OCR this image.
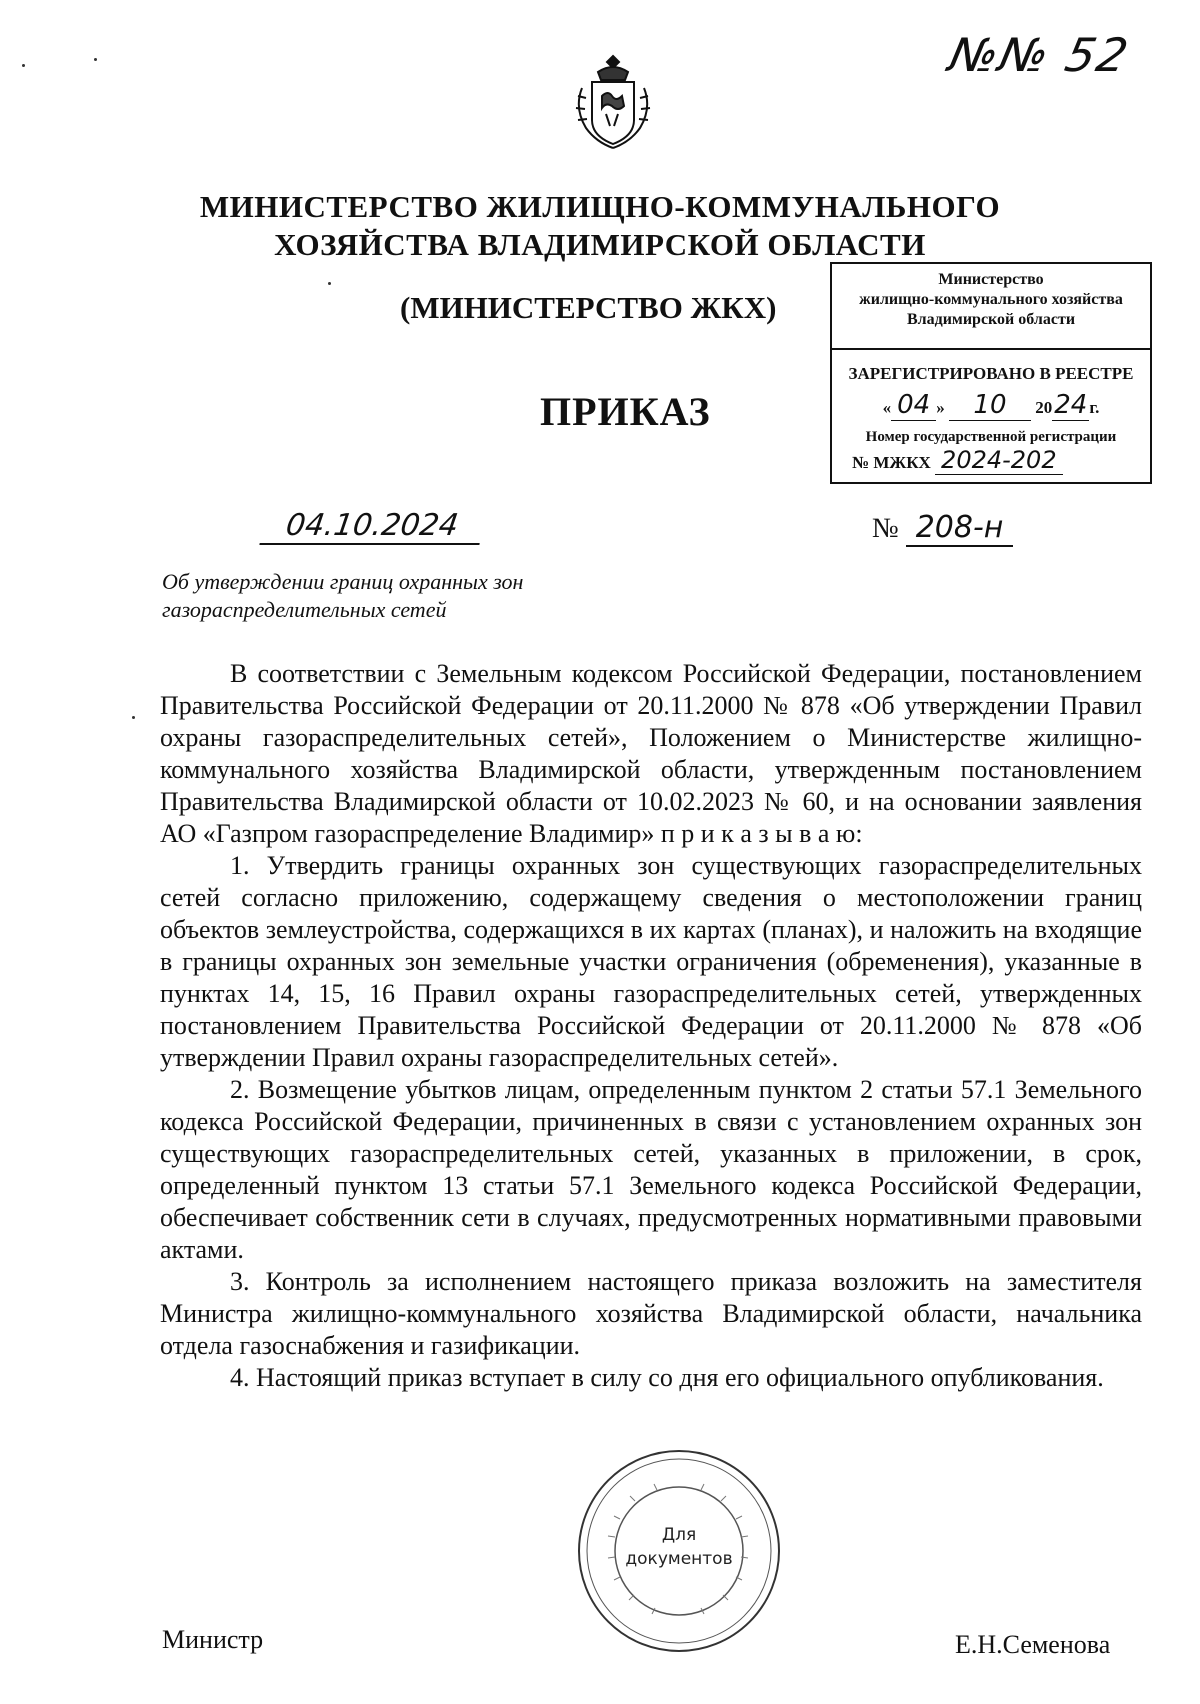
№№ 52
МИНИСТЕРСТВО ЖИЛИЩНО-КОММУНАЛЬНОГО
ХОЗЯЙСТВА ВЛАДИМИРСКОЙ ОБЛАСТИ
(МИНИСТЕРСТВО ЖКХ)
Министерство
жилищно-коммунального хозяйства
Владимирской области
ЗАРЕГИСТРИРОВАНО В РЕЕСТРЕ
« 04 » 10 2024 г.
Номер государственной регистрации
№ МЖКХ 2024-202
ПРИКАЗ
04.10.2024	№ 208-н
Об утверждении границ охранных зон
газораспределительных сетей

В соответствии с Земельным кодексом Российской Федерации, постановлением Правительства Российской Федерации от 20.11.2000 № 878 «Об утверждении Правил охраны газораспределительных сетей», Положением о Министерстве жилищно-коммунального хозяйства Владимирской области, утвержденным постановлением Правительства Владимирской области от 10.02.2023 № 60, и на основании заявления АО «Газпром газораспределение Владимир» п р и к а з ы в а ю:

1. Утвердить границы охранных зон существующих газораспределительных сетей согласно приложению, содержащему сведения о местоположении границ объектов землеустройства, содержащихся в их картах (планах), и наложить на входящие в границы охранных зон земельные участки ограничения (обременения), указанные в пунктах 14, 15, 16 Правил охраны газораспределительных сетей, утвержденных постановлением Правительства Российской Федерации от 20.11.2000 № 878 «Об утверждении Правил охраны газораспределительных сетей».

2. Возмещение убытков лицам, определенным пунктом 2 статьи 57.1 Земельного кодекса Российской Федерации, причиненных в связи с установлением охранных зон существующих газораспределительных сетей, указанных в приложении, в срок, определенный пунктом 13 статьи 57.1 Земельного кодекса Российской Федерации, обеспечивает собственник сети в случаях, предусмотренных нормативными правовыми актами.

3. Контроль за исполнением настоящего приказа возложить на заместителя Министра жилищно-коммунального хозяйства Владимирской области, начальника отдела газоснабжения и газификации.

4. Настоящий приказ вступает в силу со дня его официального опубликования.

Для
документов
Министр	Е.Н.Семенова
